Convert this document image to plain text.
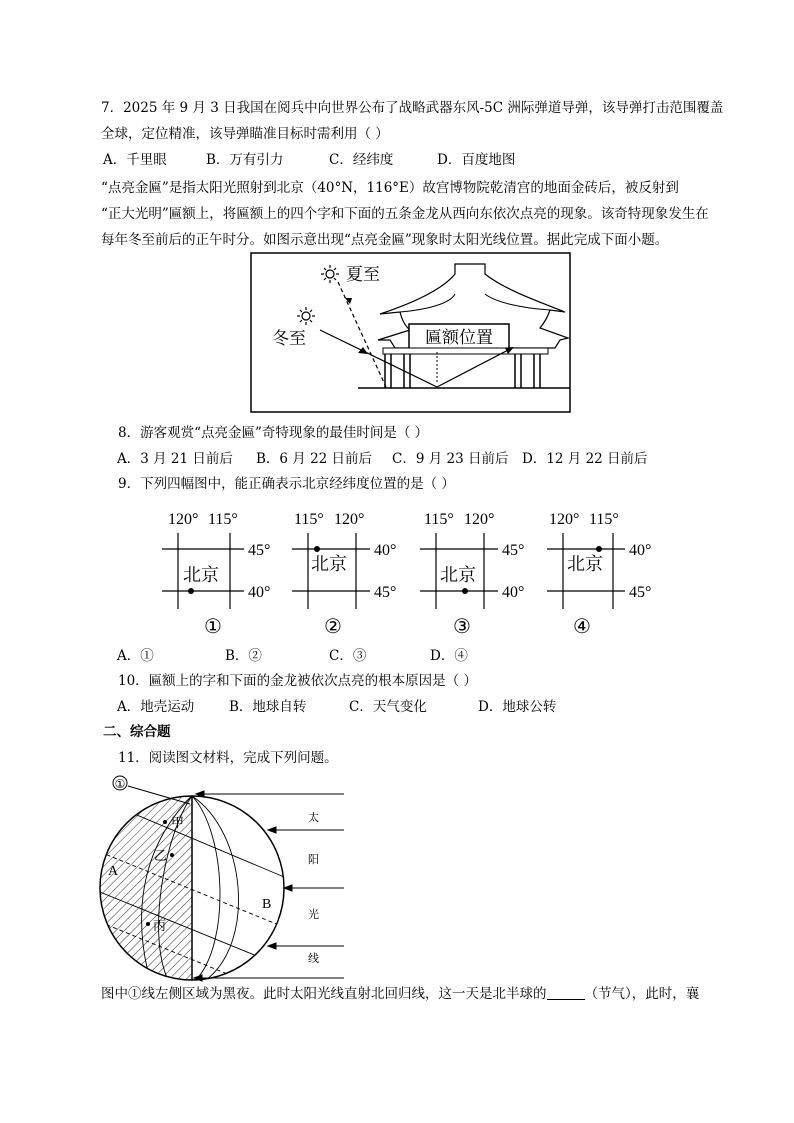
7．2025 年 9 月 3 日我国在阅兵中向世界公布了战略武器东风-5C 洲际弹道导弹，该导弹打击范围覆盖
全球，定位精准，该导弹瞄准目标时需利用（ ）
A．千里眼	B．万有引力	C．经纬度	D．百度地图
“点亮金匾”是指太阳光照射到北京（40°N，116°E）故宫博物院乾清宫的地面金砖后，被反射到
“正大光明”匾额上，将匾额上的四个字和下面的五条金龙从西向东依次点亮的现象。该奇特现象发生在
每年冬至前后的正午时分。如图示意出现“点亮金匾”现象时太阳光线位置。据此完成下面小题。
匾额位置
夏至
冬至
8．游客观赏“点亮金匾”奇特现象的最佳时间是（ ）
A．3 月 21 日前后 B．6 月 22 日前后 C．9 月 23 日前后 D．12 月 22 日前后
9．下列四幅图中，能正确表示北京经纬度位置的是（ ）
120° 115°
45°
40°
北京
①
115° 120°
40°
45°
北京
②
115° 120°
45°
40°
北京
③
120° 115°
40°
45°
北京
④
A．①	B．②	C．③	D．④
10．匾额上的字和下面的金龙被依次点亮的根本原因是（ ）
A．地壳运动	B．地球自转	C．天气变化	D．地球公转
二、综合题
11．阅读图文材料，完成下列问题。
①
甲
乙
丙
A
B
太
阳
光
线
图中①线左侧区域为黑夜。此时太阳光线直射北回归线，这一天是北半球的	（节气），此时，襄
